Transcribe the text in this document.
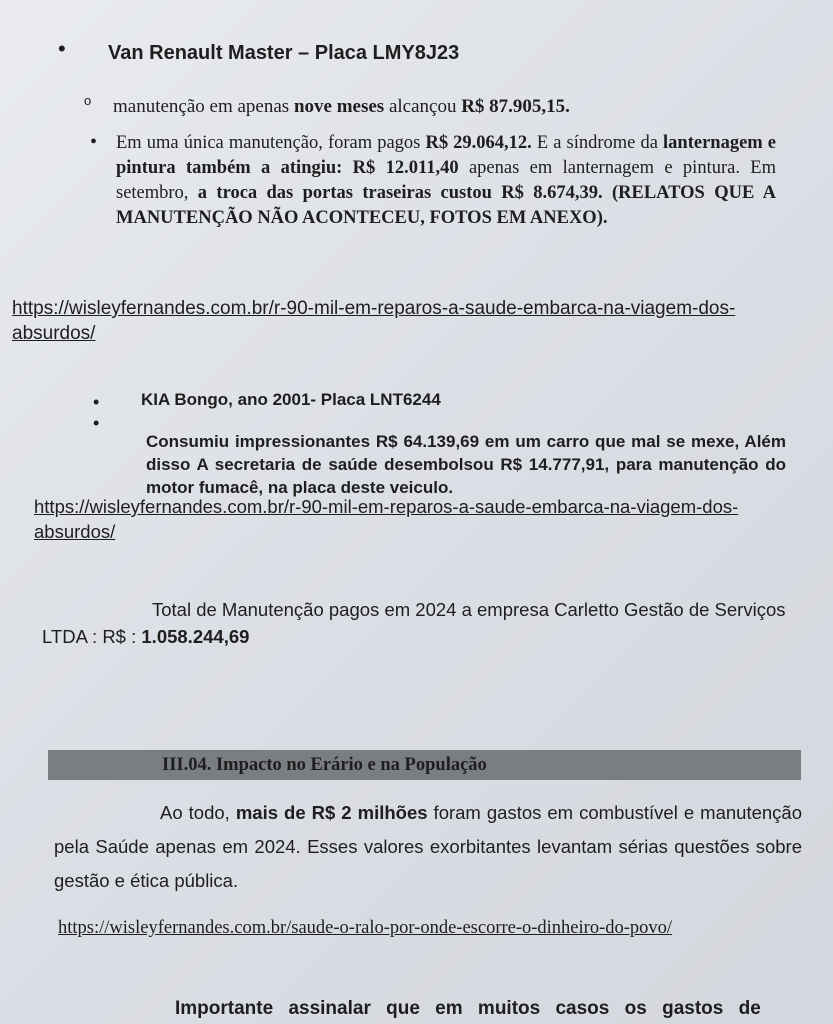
• Van Renault Master – Placa LMY8J23
o manutenção em apenas nove meses alcançou R$ 87.905,15.
• Em uma única manutenção, foram pagos R$ 29.064,12. E a síndrome da lanternagem e pintura também a atingiu: R$ 12.011,40 apenas em lanternagem e pintura. Em setembro, a troca das portas traseiras custou R$ 8.674,39. (RELATOS QUE A MANUTENÇÃO NÃO ACONTECEU, FOTOS EM ANEXO).
https://wisleyfernandes.com.br/r-90-mil-em-reparos-a-saude-embarca-na-viagem-dos-absurdos/
• KIA Bongo, ano 2001- Placa LNT6244
•

Consumiu impressionantes R$ 64.139,69 em um carro que mal se mexe, Além disso A secretaria de saúde desembolsou R$ 14.777,91, para manutenção do motor fumacê, na placa deste veiculo.
https://wisleyfernandes.com.br/r-90-mil-em-reparos-a-saude-embarca-na-viagem-dos-absurdos/
Total de Manutenção pagos em 2024 a empresa Carletto Gestão de Serviços LTDA : R$ : 1.058.244,69
III.04. Impacto no Erário e na População
Ao todo, mais de R$ 2 milhões foram gastos em combustível e manutenção pela Saúde apenas em 2024. Esses valores exorbitantes levantam sérias questões sobre gestão e ética pública.
https://wisleyfernandes.com.br/saude-o-ralo-por-onde-escorre-o-dinheiro-do-povo/
Importante assinalar que em muitos casos os gastos de
